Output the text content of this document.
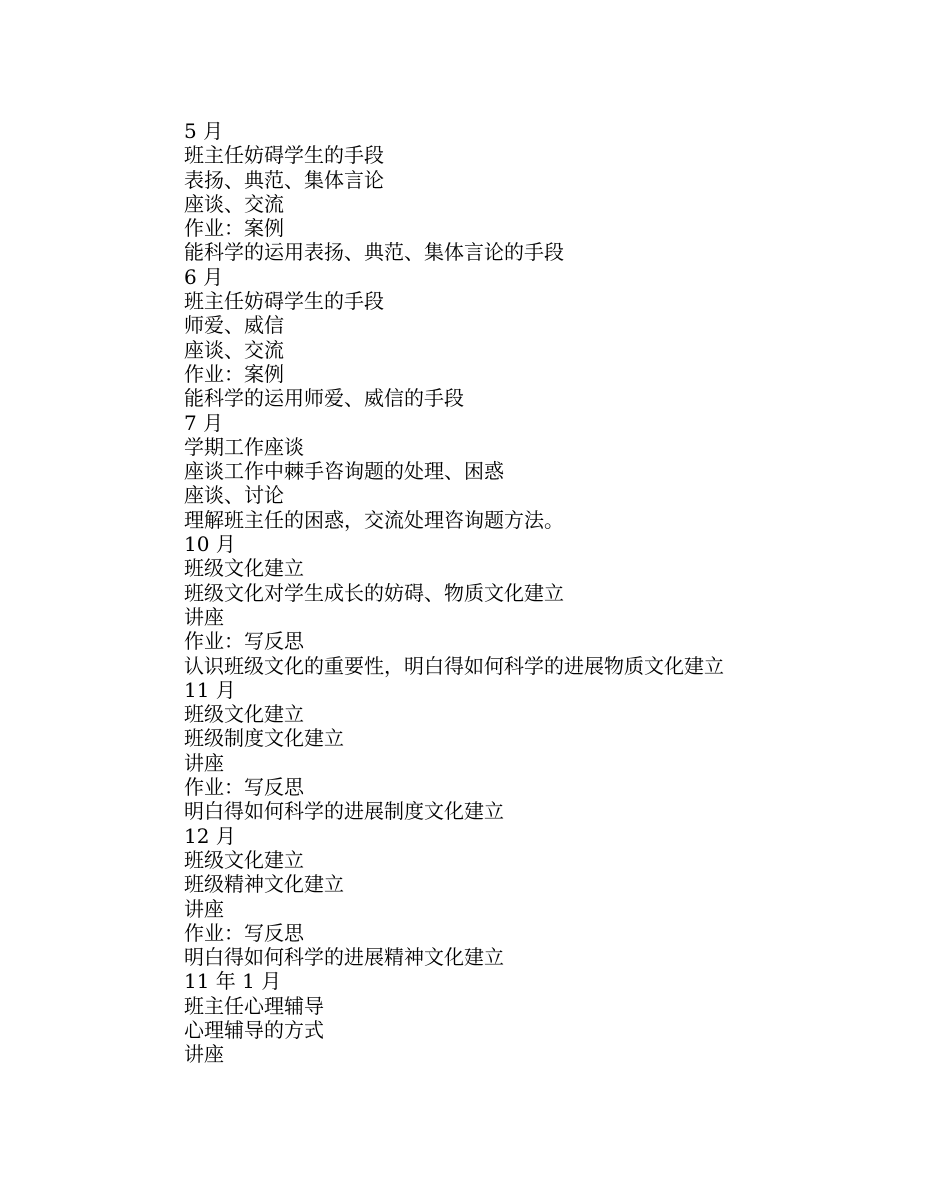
5 月
班主任妨碍学生的手段
表扬、典范、集体言论
座谈、交流
作业：案例
能科学的运用表扬、典范、集体言论的手段
6 月
班主任妨碍学生的手段
师爱、威信
座谈、交流
作业：案例
能科学的运用师爱、威信的手段
7 月
学期工作座谈
座谈工作中棘手咨询题的处理、困惑
座谈、讨论
理解班主任的困惑，交流处理咨询题方法。
10 月
班级文化建立
班级文化对学生成长的妨碍、物质文化建立
讲座
作业：写反思
认识班级文化的重要性，明白得如何科学的进展物质文化建立
11 月
班级文化建立
班级制度文化建立
讲座
作业：写反思
明白得如何科学的进展制度文化建立
12 月
班级文化建立
班级精神文化建立
讲座
作业：写反思
明白得如何科学的进展精神文化建立
11 年 1 月
班主任心理辅导
心理辅导的方式
讲座
